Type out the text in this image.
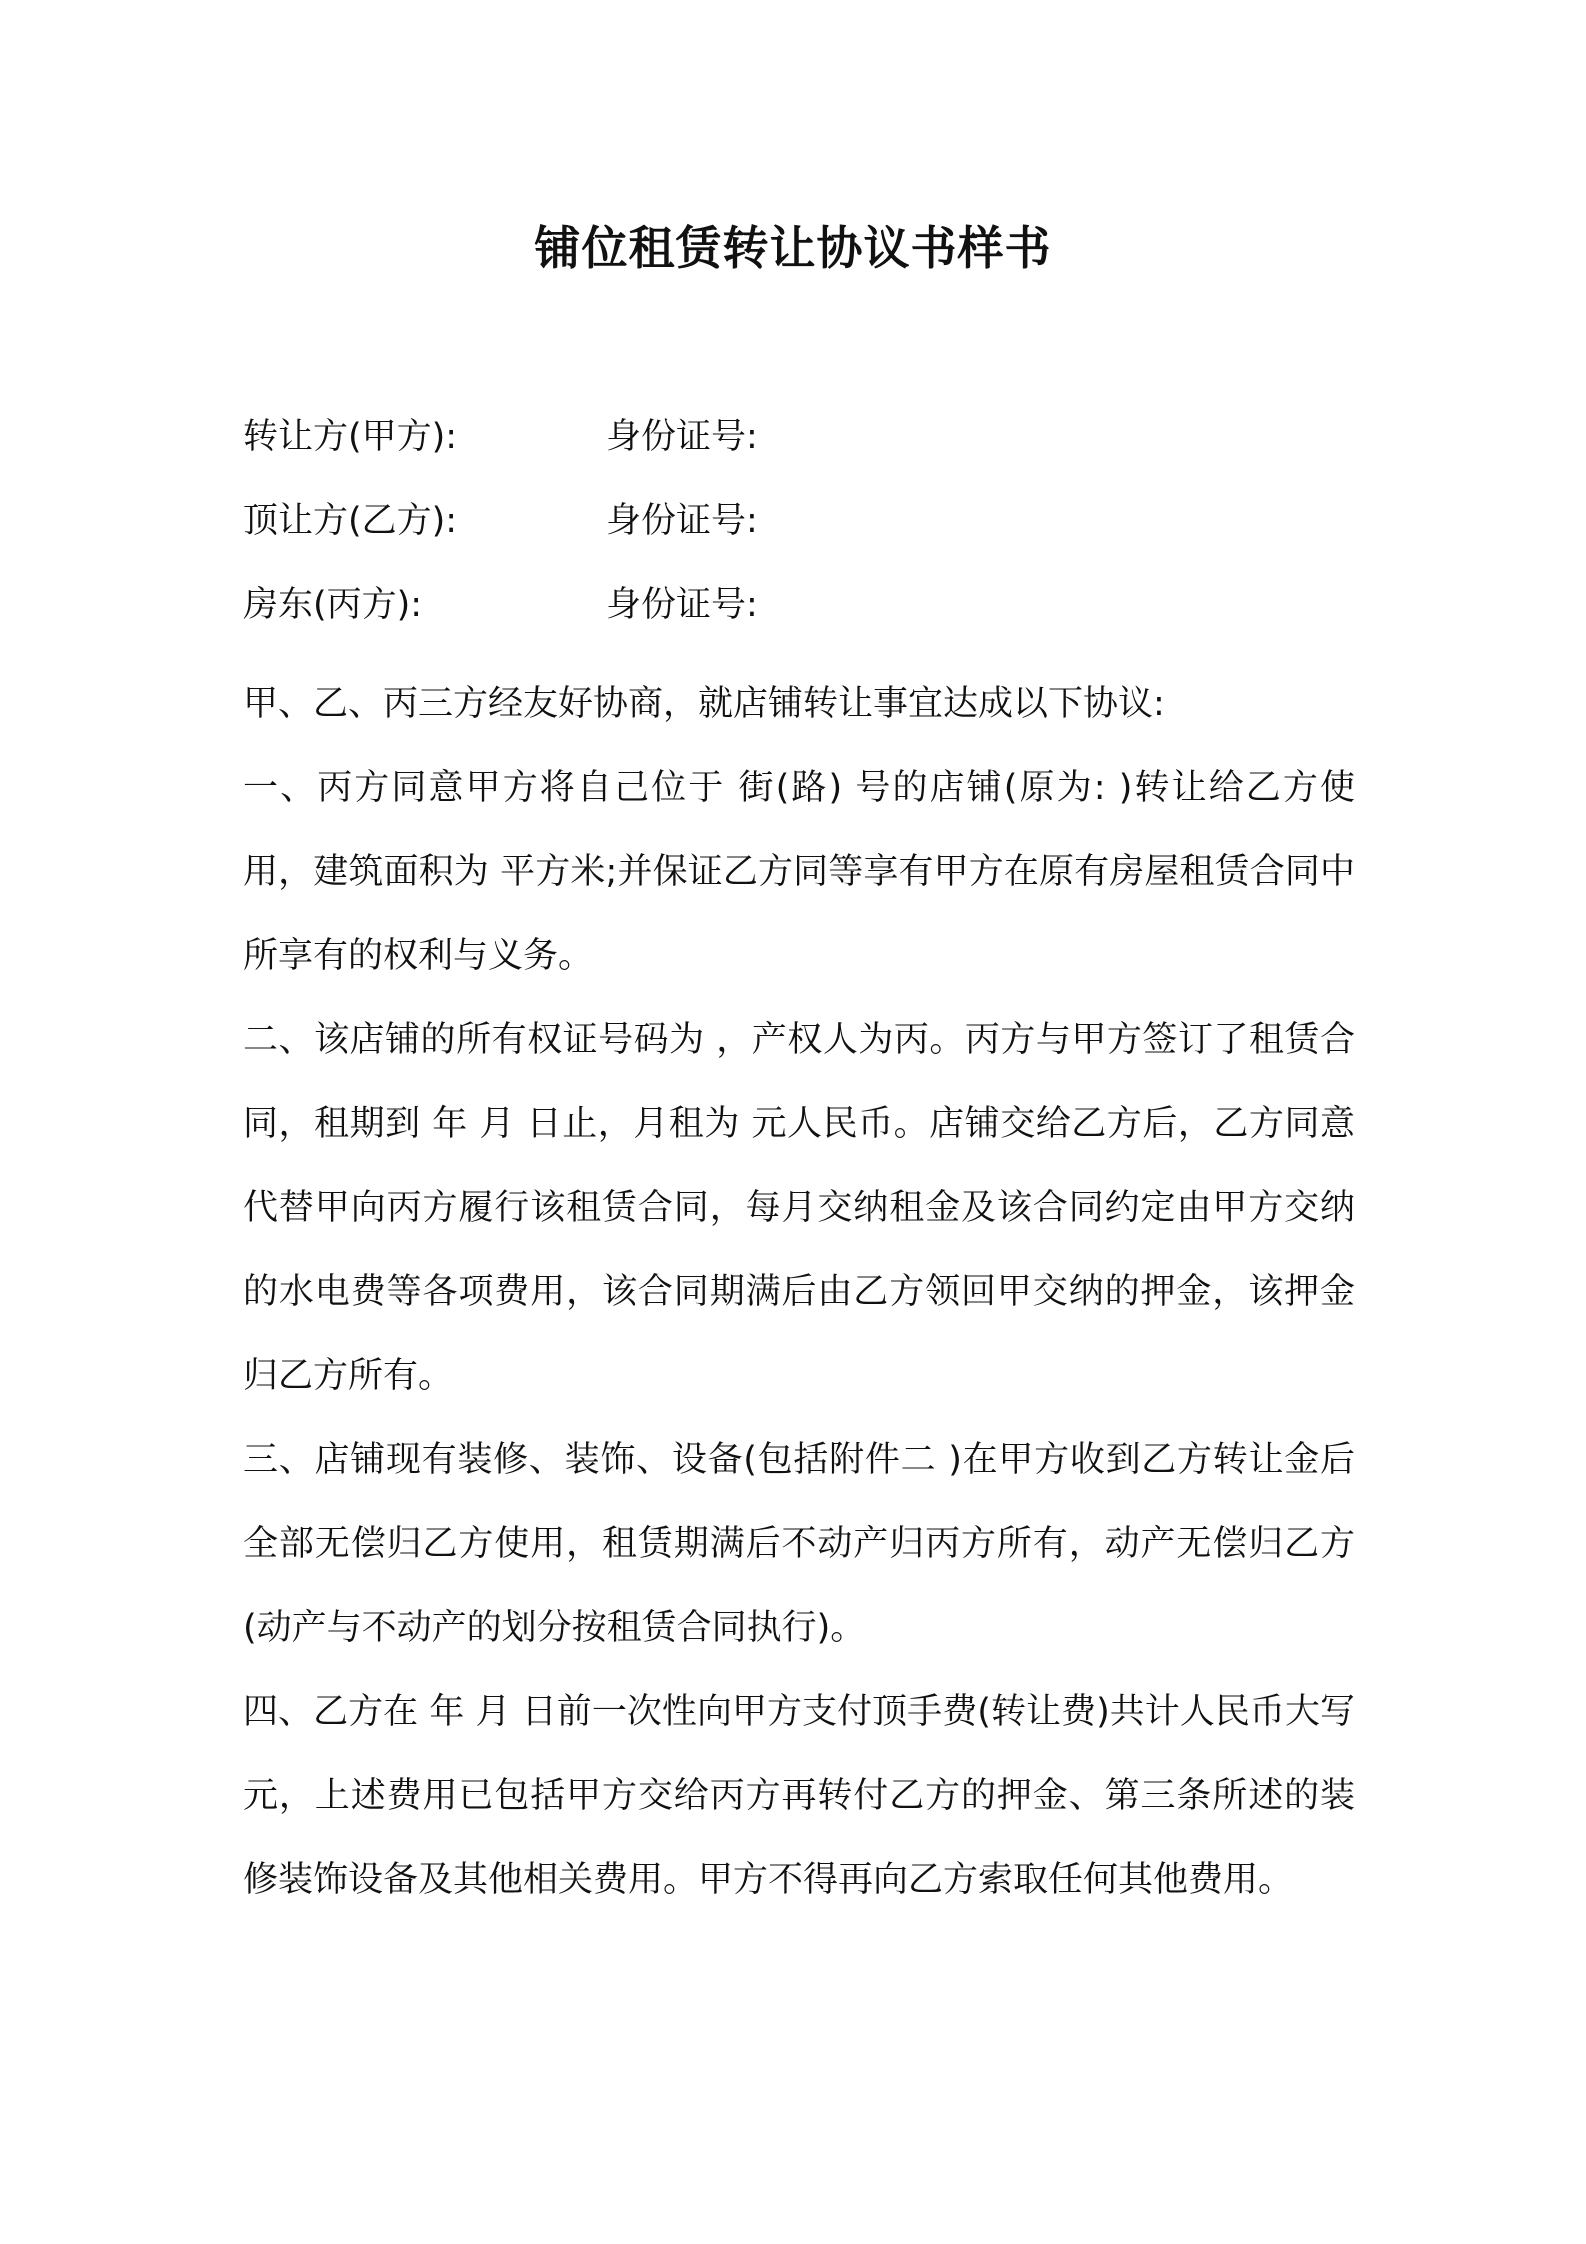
铺位租赁转让协议书样书
转让方(甲方):	身份证号:
顶让方(乙方):	身份证号:
房东(丙方):	身份证号:

甲、乙、丙三方经友好协商，就店铺转让事宜达成以下协议:

一、丙方同意甲方将自己位于 街(路) 号的店铺(原为: )转让给乙方使用，建筑面积为 平方米;并保证乙方同等享有甲方在原有房屋租赁合同中所享有的权利与义务。

二、该店铺的所有权证号码为 ，产权人为丙。丙方与甲方签订了租赁合同，租期到 年 月 日止，月租为 元人民币。店铺交给乙方后，乙方同意代替甲向丙方履行该租赁合同，每月交纳租金及该合同约定由甲方交纳的水电费等各项费用，该合同期满后由乙方领回甲交纳的押金，该押金归乙方所有。

三、店铺现有装修、装饰、设备(包括附件二 )在甲方收到乙方转让金后全部无偿归乙方使用，租赁期满后不动产归丙方所有，动产无偿归乙方(动产与不动产的划分按租赁合同执行)。

四、乙方在 年 月 日前一次性向甲方支付顶手费(转让费)共计人民币大写 元，上述费用已包括甲方交给丙方再转付乙方的押金、第三条所述的装修装饰设备及其他相关费用。甲方不得再向乙方索取任何其他费用。
